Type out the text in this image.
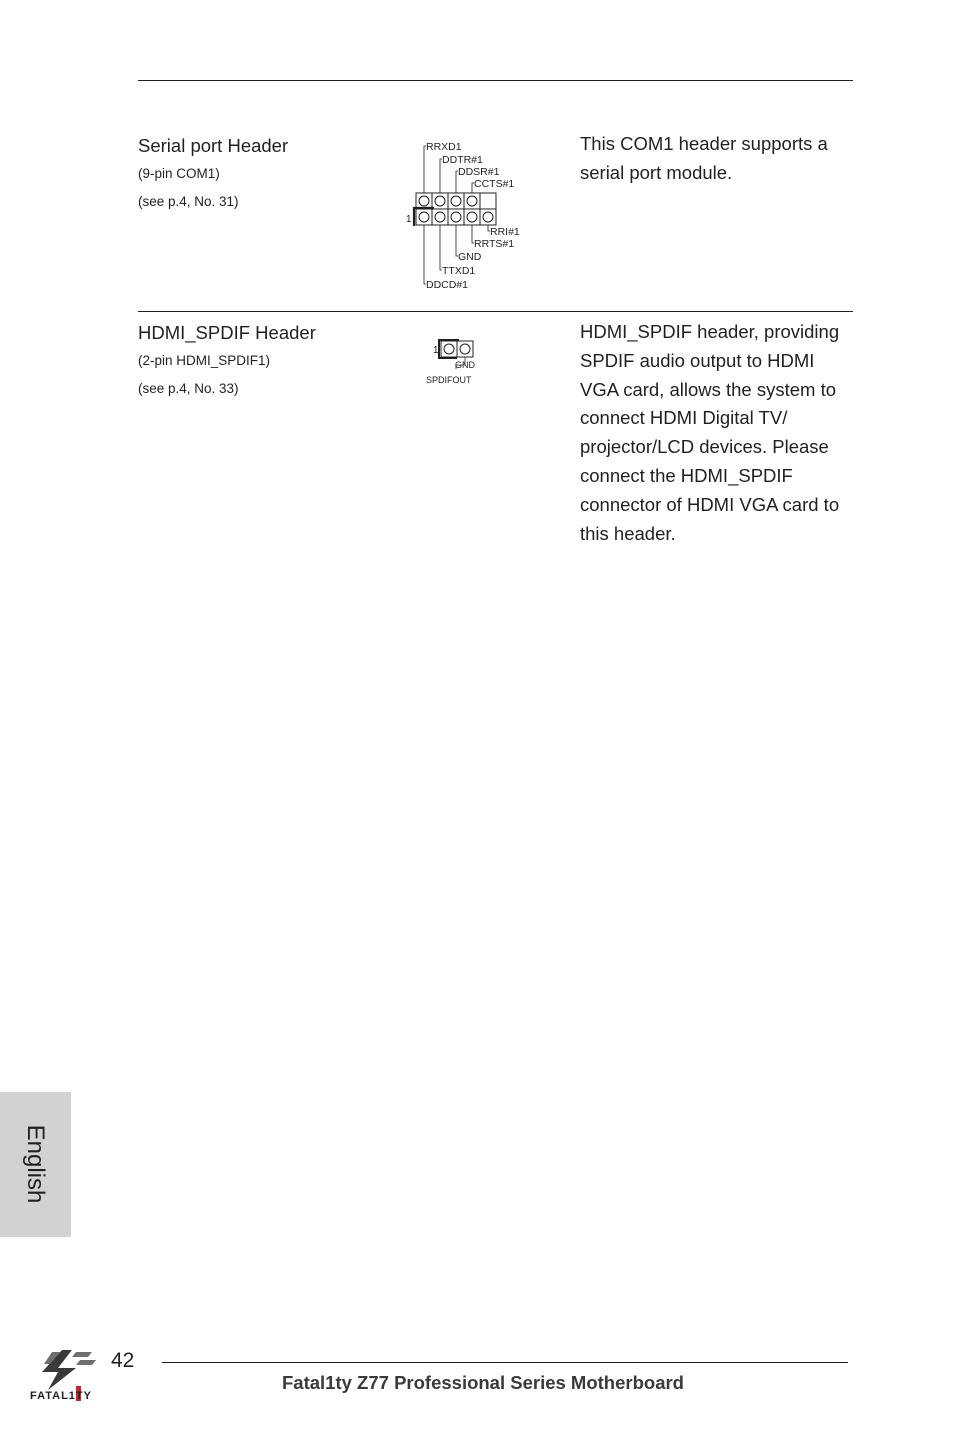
Serial port Header
(9-pin COM1)
(see p.4, No. 31)
1
RRXD1
DDTR#1
DDSR#1
CCTS#1
RRI#1
RRTS#1
GND
TTXD1
DDCD#1
This COM1 header supports a
serial port module.
HDMI_SPDIF Header
(2-pin HDMI_SPDIF1)
(see p.4, No. 33)
1
GND
SPDIFOUT
HDMI_SPDIF header, providing
SPDIF audio output to HDMI
VGA card, allows the system to
connect HDMI Digital TV/
projector/LCD devices. Please
connect the HDMI_SPDIF
connector of HDMI VGA card to
this header.
English
FATAL1TY
42
Fatal1ty Z77 Professional Series Motherboard
